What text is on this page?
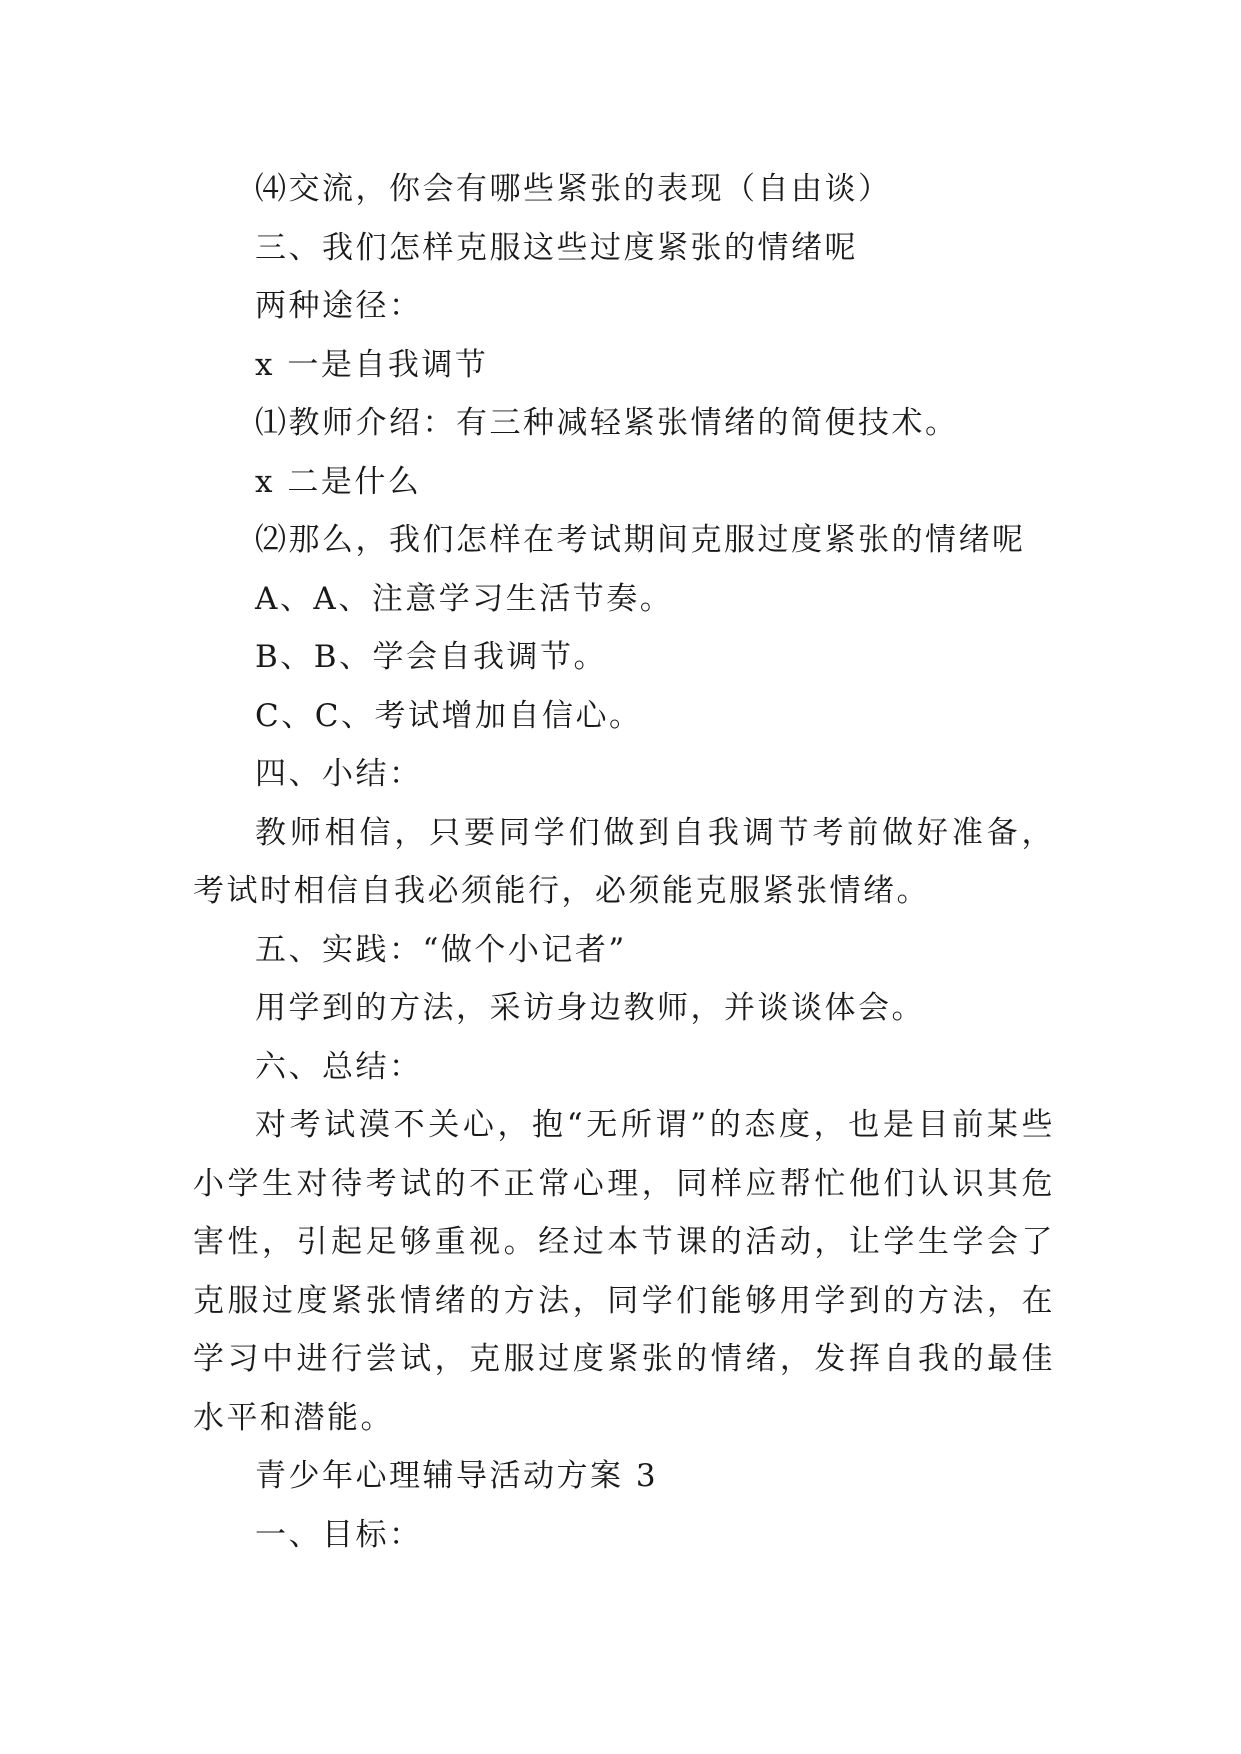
⑷交流，你会有哪些紧张的表现（自由谈）

三、我们怎样克服这些过度紧张的情绪呢

两种途径：

x 一是自我调节

⑴教师介绍：有三种减轻紧张情绪的简便技术。

x 二是什么

⑵那么，我们怎样在考试期间克服过度紧张的情绪呢

A、A、注意学习生活节奏。

B、B、学会自我调节。

C、C、考试增加自信心。

四、小结：

教师相信，只要同学们做到自我调节考前做好准备，考试时相信自我必须能行，必须能克服紧张情绪。

五、实践：“做个小记者”

用学到的方法，采访身边教师，并谈谈体会。

六、总结：

对考试漠不关心，抱“无所谓”的态度，也是目前某些小学生对待考试的不正常心理，同样应帮忙他们认识其危害性，引起足够重视。经过本节课的活动，让学生学会了克服过度紧张情绪的方法，同学们能够用学到的方法，在学习中进行尝试，克服过度紧张的情绪，发挥自我的最佳水平和潜能。

青少年心理辅导活动方案 3

一、目标：
